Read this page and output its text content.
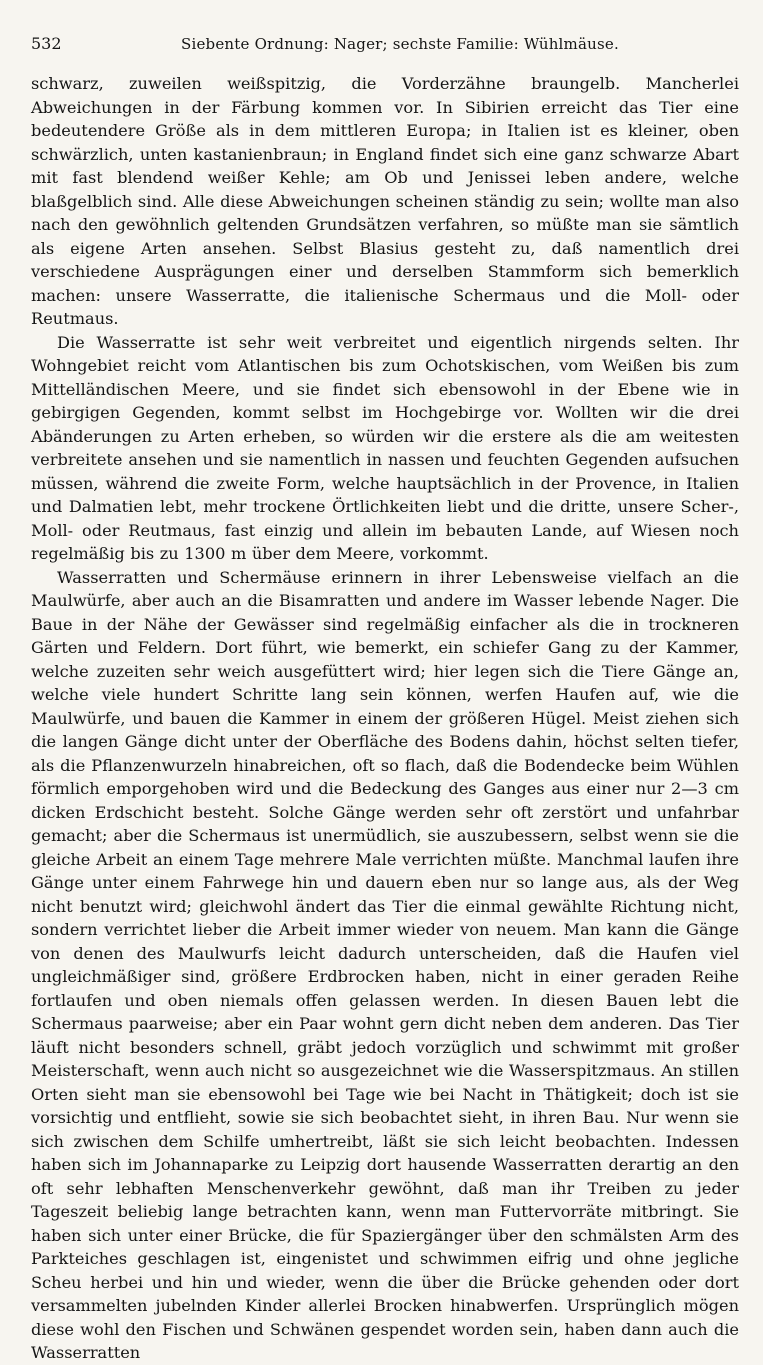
532	Siebente Ordnung: Nager; sechste Familie: Wühlmäuse.

schwarz, zuweilen weißspitzig, die Vorderzähne braungelb. Mancherlei Abweichungen in der Färbung kommen vor. In Sibirien erreicht das Tier eine bedeutendere Größe als in dem mittleren Europa; in Italien ist es kleiner, oben schwärzlich, unten kastanienbraun; in England findet sich eine ganz schwarze Abart mit fast blendend weißer Kehle; am Ob und Jenissei leben andere, welche blaßgelblich sind. Alle diese Abweichungen scheinen ständig zu sein; wollte man also nach den gewöhnlich geltenden Grundsätzen verfahren, so müßte man sie sämtlich als eigene Arten ansehen. Selbst Blasius gesteht zu, daß namentlich drei verschiedene Ausprägungen einer und derselben Stammform sich bemerklich machen: unsere Wasserratte, die italienische Schermaus und die Moll- oder Reutmaus.

Die Wasserratte ist sehr weit verbreitet und eigentlich nirgends selten. Ihr Wohngebiet reicht vom Atlantischen bis zum Ochotskischen, vom Weißen bis zum Mittelländischen Meere, und sie findet sich ebensowohl in der Ebene wie in gebirgigen Gegenden, kommt selbst im Hochgebirge vor. Wollten wir die drei Abänderungen zu Arten erheben, so würden wir die erstere als die am weitesten verbreitete ansehen und sie namentlich in nassen und feuchten Gegenden aufsuchen müssen, während die zweite Form, welche hauptsächlich in der Provence, in Italien und Dalmatien lebt, mehr trockene Örtlichkeiten liebt und die dritte, unsere Scher-, Moll- oder Reutmaus, fast einzig und allein im bebauten Lande, auf Wiesen noch regelmäßig bis zu 1300 m über dem Meere, vorkommt.

Wasserratten und Schermäuse erinnern in ihrer Lebensweise vielfach an die Maulwürfe, aber auch an die Bisamratten und andere im Wasser lebende Nager. Die Baue in der Nähe der Gewässer sind regelmäßig einfacher als die in trockneren Gärten und Feldern. Dort führt, wie bemerkt, ein schiefer Gang zu der Kammer, welche zuzeiten sehr weich ausgefüttert wird; hier legen sich die Tiere Gänge an, welche viele hundert Schritte lang sein können, werfen Haufen auf, wie die Maulwürfe, und bauen die Kammer in einem der größeren Hügel. Meist ziehen sich die langen Gänge dicht unter der Oberfläche des Bodens dahin, höchst selten tiefer, als die Pflanzenwurzeln hinabreichen, oft so flach, daß die Bodendecke beim Wühlen förmlich emporgehoben wird und die Bedeckung des Ganges aus einer nur 2—3 cm dicken Erdschicht besteht. Solche Gänge werden sehr oft zerstört und unfahrbar gemacht; aber die Schermaus ist unermüdlich, sie auszubessern, selbst wenn sie die gleiche Arbeit an einem Tage mehrere Male verrichten müßte. Manchmal laufen ihre Gänge unter einem Fahrwege hin und dauern eben nur so lange aus, als der Weg nicht benutzt wird; gleichwohl ändert das Tier die einmal gewählte Richtung nicht, sondern verrichtet lieber die Arbeit immer wieder von neuem. Man kann die Gänge von denen des Maulwurfs leicht dadurch unterscheiden, daß die Haufen viel ungleichmäßiger sind, größere Erdbrocken haben, nicht in einer geraden Reihe fortlaufen und oben niemals offen gelassen werden. In diesen Bauen lebt die Schermaus paarweise; aber ein Paar wohnt gern dicht neben dem anderen. Das Tier läuft nicht besonders schnell, gräbt jedoch vorzüglich und schwimmt mit großer Meisterschaft, wenn auch nicht so ausgezeichnet wie die Wasserspitzmaus. An stillen Orten sieht man sie ebensowohl bei Tage wie bei Nacht in Thätigkeit; doch ist sie vorsichtig und entflieht, sowie sie sich beobachtet sieht, in ihren Bau. Nur wenn sie sich zwischen dem Schilfe umhertreibt, läßt sie sich leicht beobachten. Indessen haben sich im Johannaparke zu Leipzig dort hausende Wasserratten derartig an den oft sehr lebhaften Menschenverkehr gewöhnt, daß man ihr Treiben zu jeder Tageszeit beliebig lange betrachten kann, wenn man Futtervorräte mitbringt. Sie haben sich unter einer Brücke, die für Spaziergänger über den schmälsten Arm des Parkteiches geschlagen ist, eingenistet und schwimmen eifrig und ohne jegliche Scheu herbei und hin und wieder, wenn die über die Brücke gehenden oder dort versammelten jubelnden Kinder allerlei Brocken hinabwerfen. Ursprünglich mögen diese wohl den Fischen und Schwänen gespendet worden sein, haben dann auch die Wasserratten
